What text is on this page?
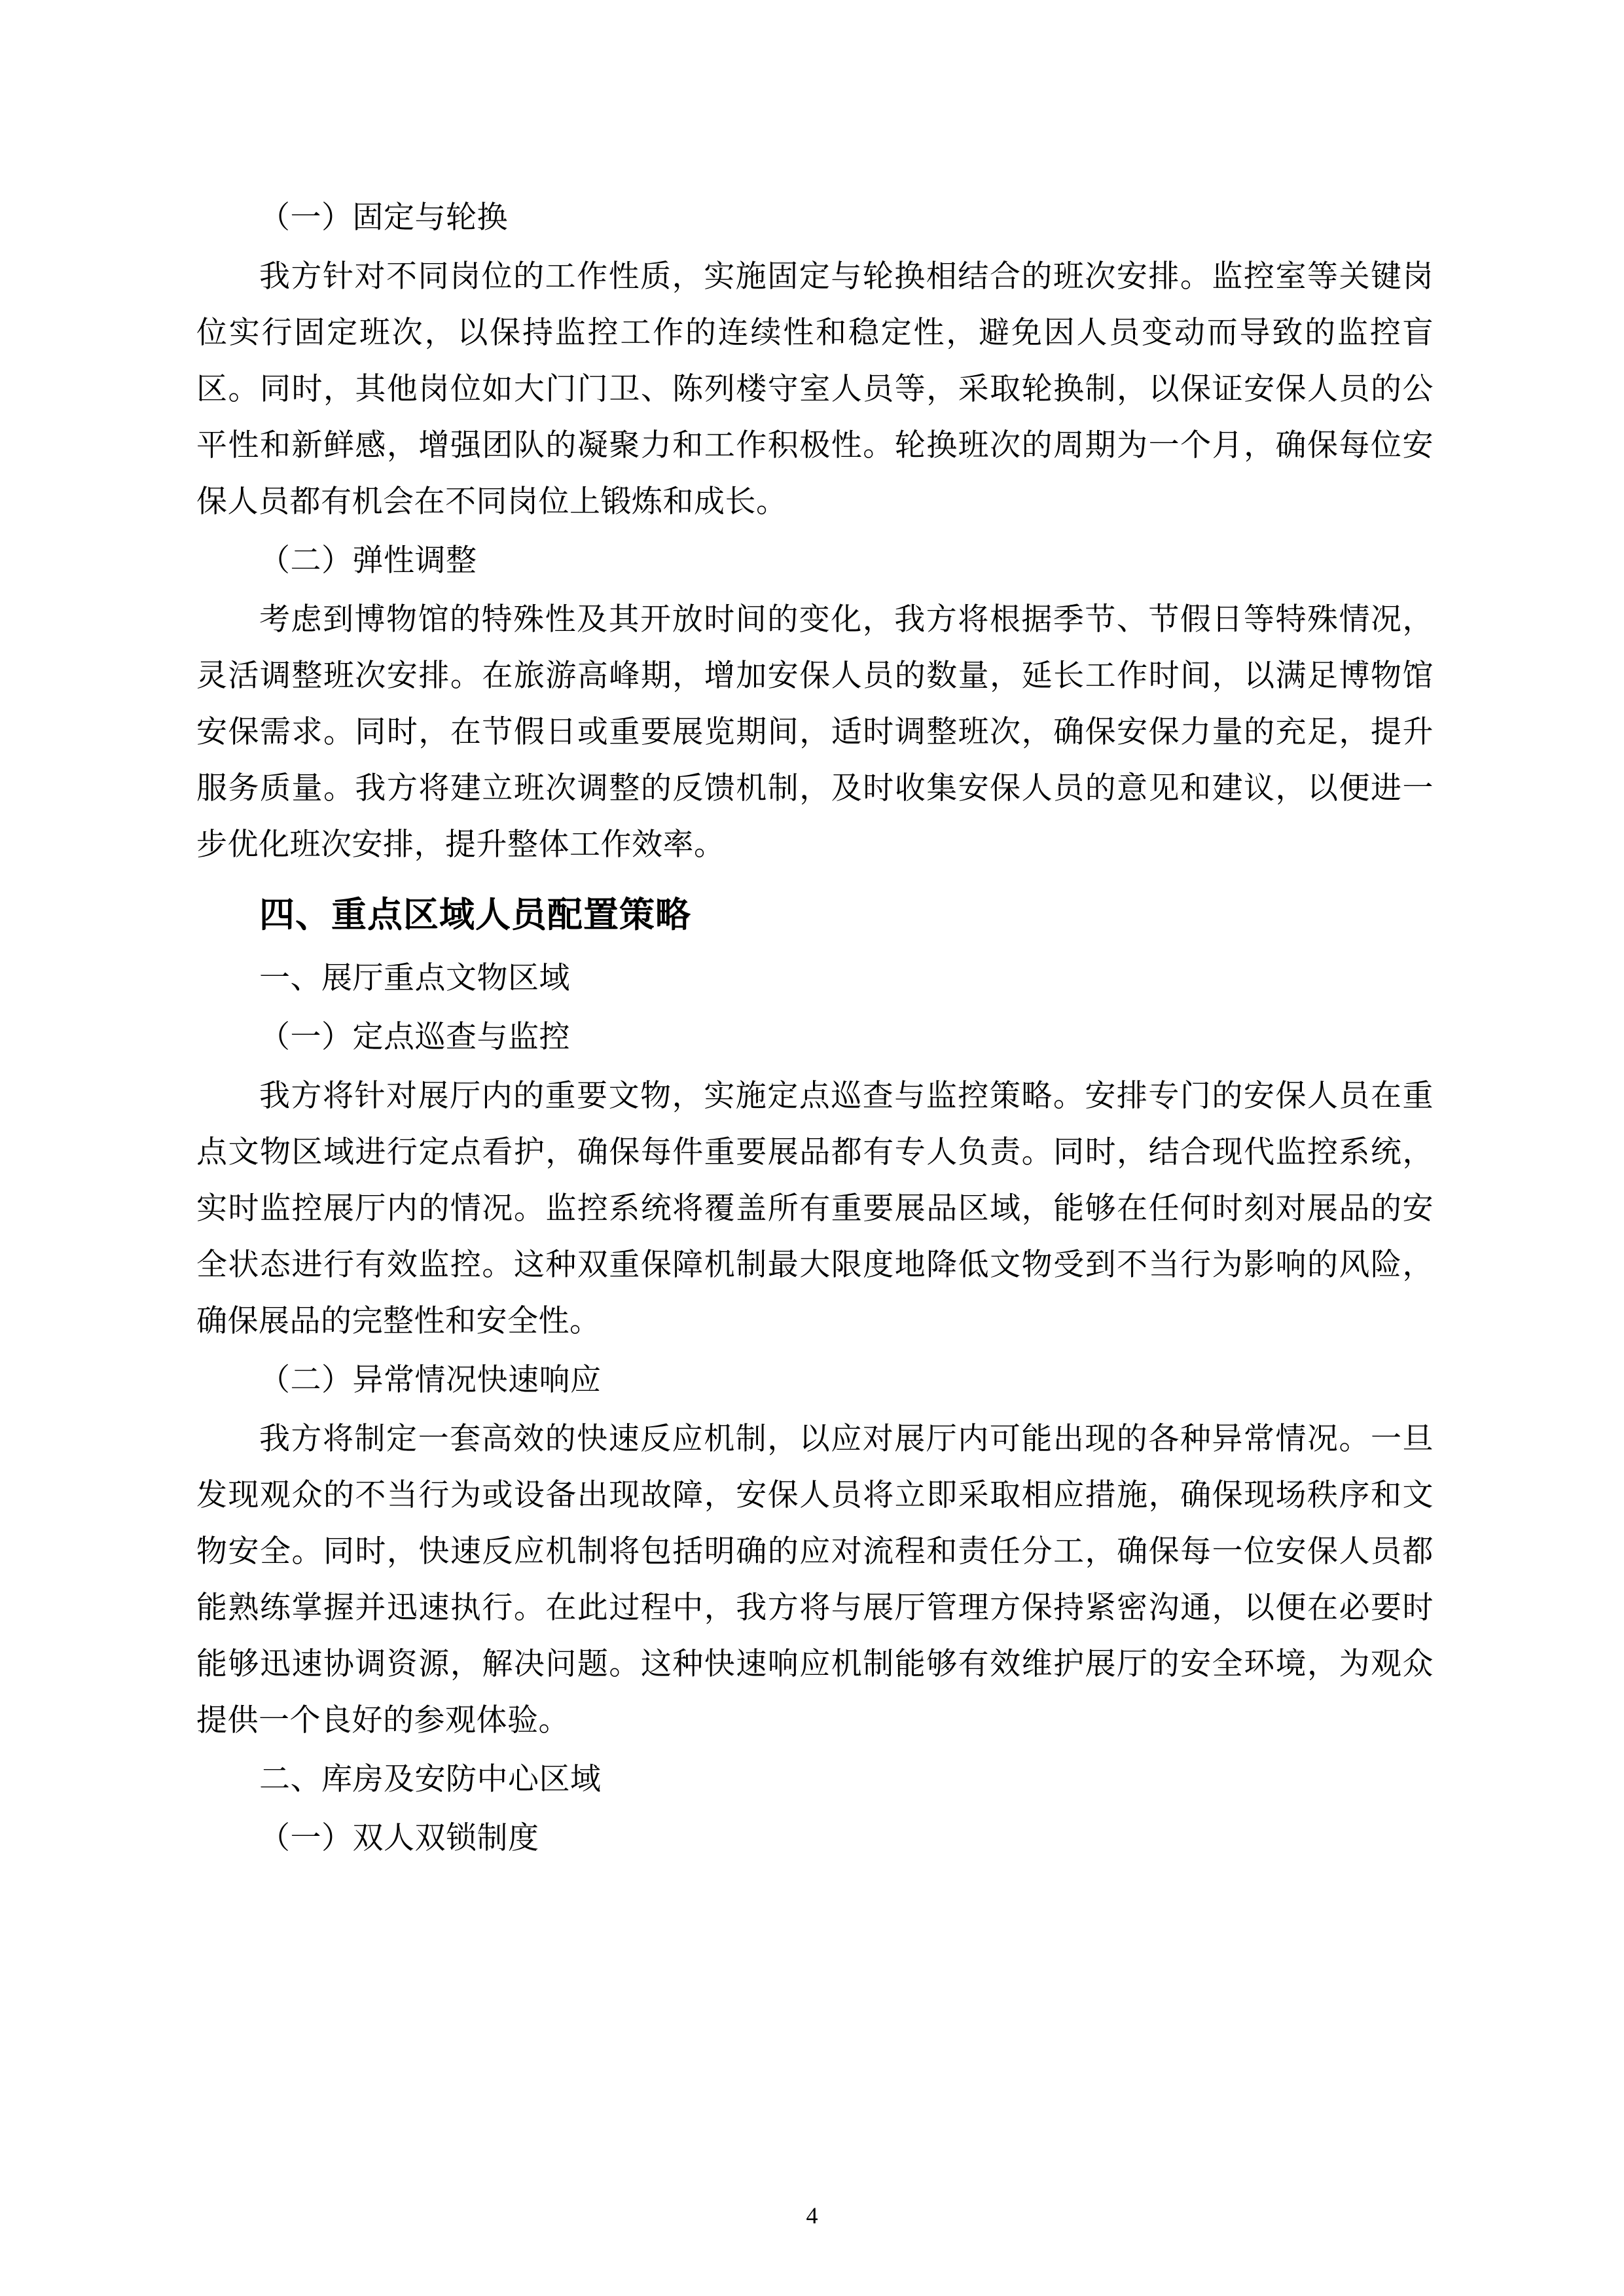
（一）固定与轮换

我方针对不同岗位的工作性质，实施固定与轮换相结合的班次安排。监控室等关键岗位实行固定班次，以保持监控工作的连续性和稳定性，避免因人员变动而导致的监控盲区。同时，其他岗位如大门门卫、陈列楼守室人员等，采取轮换制，以保证安保人员的公平性和新鲜感，增强团队的凝聚力和工作积极性。轮换班次的周期为一个月，确保每位安保人员都有机会在不同岗位上锻炼和成长。

（二）弹性调整

考虑到博物馆的特殊性及其开放时间的变化，我方将根据季节、节假日等特殊情况，灵活调整班次安排。在旅游高峰期，增加安保人员的数量，延长工作时间，以满足博物馆安保需求。同时，在节假日或重要展览期间，适时调整班次，确保安保力量的充足，提升服务质量。我方将建立班次调整的反馈机制，及时收集安保人员的意见和建议，以便进一步优化班次安排，提升整体工作效率。

四、重点区域人员配置策略

一、展厅重点文物区域

（一）定点巡查与监控

我方将针对展厅内的重要文物，实施定点巡查与监控策略。安排专门的安保人员在重点文物区域进行定点看护，确保每件重要展品都有专人负责。同时，结合现代监控系统，实时监控展厅内的情况。监控系统将覆盖所有重要展品区域，能够在任何时刻对展品的安全状态进行有效监控。这种双重保障机制最大限度地降低文物受到不当行为影响的风险，确保展品的完整性和安全性。

（二）异常情况快速响应

我方将制定一套高效的快速反应机制，以应对展厅内可能出现的各种异常情况。一旦发现观众的不当行为或设备出现故障，安保人员将立即采取相应措施，确保现场秩序和文物安全。同时，快速反应机制将包括明确的应对流程和责任分工，确保每一位安保人员都能熟练掌握并迅速执行。在此过程中，我方将与展厅管理方保持紧密沟通，以便在必要时能够迅速协调资源，解决问题。这种快速响应机制能够有效维护展厅的安全环境，为观众提供一个良好的参观体验。

二、库房及安防中心区域

（一）双人双锁制度

4
